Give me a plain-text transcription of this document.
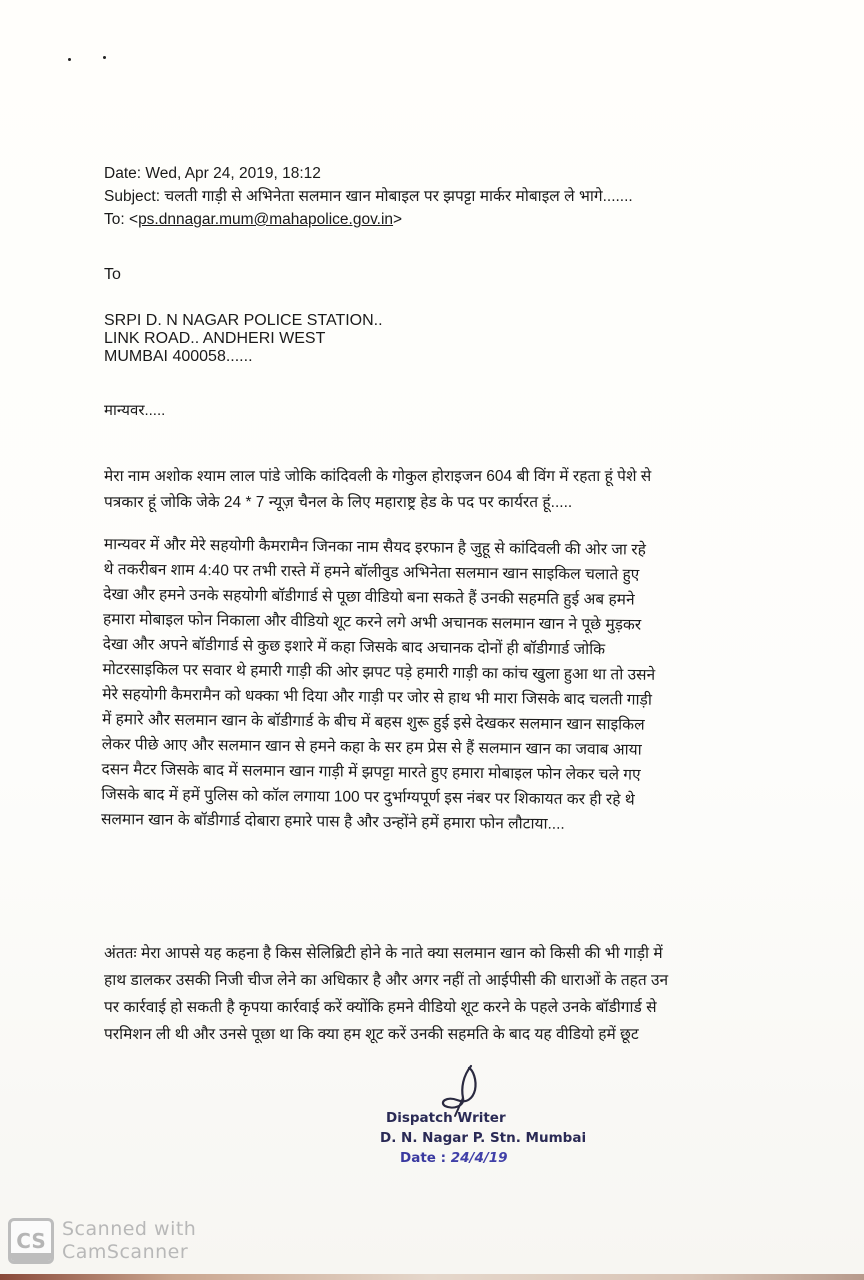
Date: Wed, Apr 24, 2019, 18:12
Subject: चलती गाड़ी से अभिनेता सलमान खान मोबाइल पर झपट्टा मार्कर मोबाइल ले भागे.......
To: <ps.dnnagar.mum@mahapolice.gov.in>
To
SRPI D. N NAGAR POLICE STATION..
LINK ROAD.. ANDHERI WEST
MUMBAI 400058......
मान्यवर.....
मेरा नाम अशोक श्याम लाल पांडे जोकि कांदिवली के गोकुल होराइजन 604 बी विंग में रहता हूं पेशे से
पत्रकार हूं जोकि जेके 24 * 7 न्यूज़ चैनल के लिए महाराष्ट्र हेड के पद पर कार्यरत हूं.....
मान्यवर में और मेरे सहयोगी कैमरामैन जिनका नाम सैयद इरफान है जुहू से कांदिवली की ओर जा रहे
थे तकरीबन शाम 4:40 पर तभी रास्ते में हमने बॉलीवुड अभिनेता सलमान खान साइकिल चलाते हुए
देखा और हमने उनके सहयोगी बॉडीगार्ड से पूछा वीडियो बना सकते हैं उनकी सहमति हुई अब हमने
हमारा मोबाइल फोन निकाला और वीडियो शूट करने लगे अभी अचानक सलमान खान ने पूछे मुड़कर
देखा और अपने बॉडीगार्ड से कुछ इशारे में कहा जिसके बाद अचानक दोनों ही बॉडीगार्ड जोकि
मोटरसाइकिल पर सवार थे हमारी गाड़ी की ओर झपट पड़े हमारी गाड़ी का कांच खुला हुआ था तो उसने
मेरे सहयोगी कैमरामैन को धक्का भी दिया और गाड़ी पर जोर से हाथ भी मारा जिसके बाद चलती गाड़ी
में हमारे और सलमान खान के बॉडीगार्ड के बीच में बहस शुरू हुई इसे देखकर सलमान खान साइकिल
लेकर पीछे आए और सलमान खान से हमने कहा के सर हम प्रेस से हैं सलमान खान का जवाब आया
दसन मैटर जिसके बाद में सलमान खान गाड़ी में झपट्टा मारते हुए हमारा मोबाइल फोन लेकर चले गए
जिसके बाद में हमें पुलिस को कॉल लगाया 100 पर दुर्भाग्यपूर्ण इस नंबर पर शिकायत कर ही रहे थे
सलमान खान के बॉडीगार्ड दोबारा हमारे पास है और उन्होंने हमें हमारा फोन लौटाया....
अंततः मेरा आपसे यह कहना है किस सेलिब्रिटी होने के नाते क्या सलमान खान को किसी की भी गाड़ी में
हाथ डालकर उसकी निजी चीज लेने का अधिकार है और अगर नहीं तो आईपीसी की धाराओं के तहत उन
पर कार्रवाई हो सकती है कृपया कार्रवाई करें क्योंकि हमने वीडियो शूट करने के पहले उनके बॉडीगार्ड से
परमिशन ली थी और उनसे पूछा था कि क्या हम शूट करें उनकी सहमति के बाद यह वीडियो हमें छूट
Dispatch Writer
D. N. Nagar P. Stn. Mumbai
Date : 24/4/19
CS Scanned with
CamScanner
